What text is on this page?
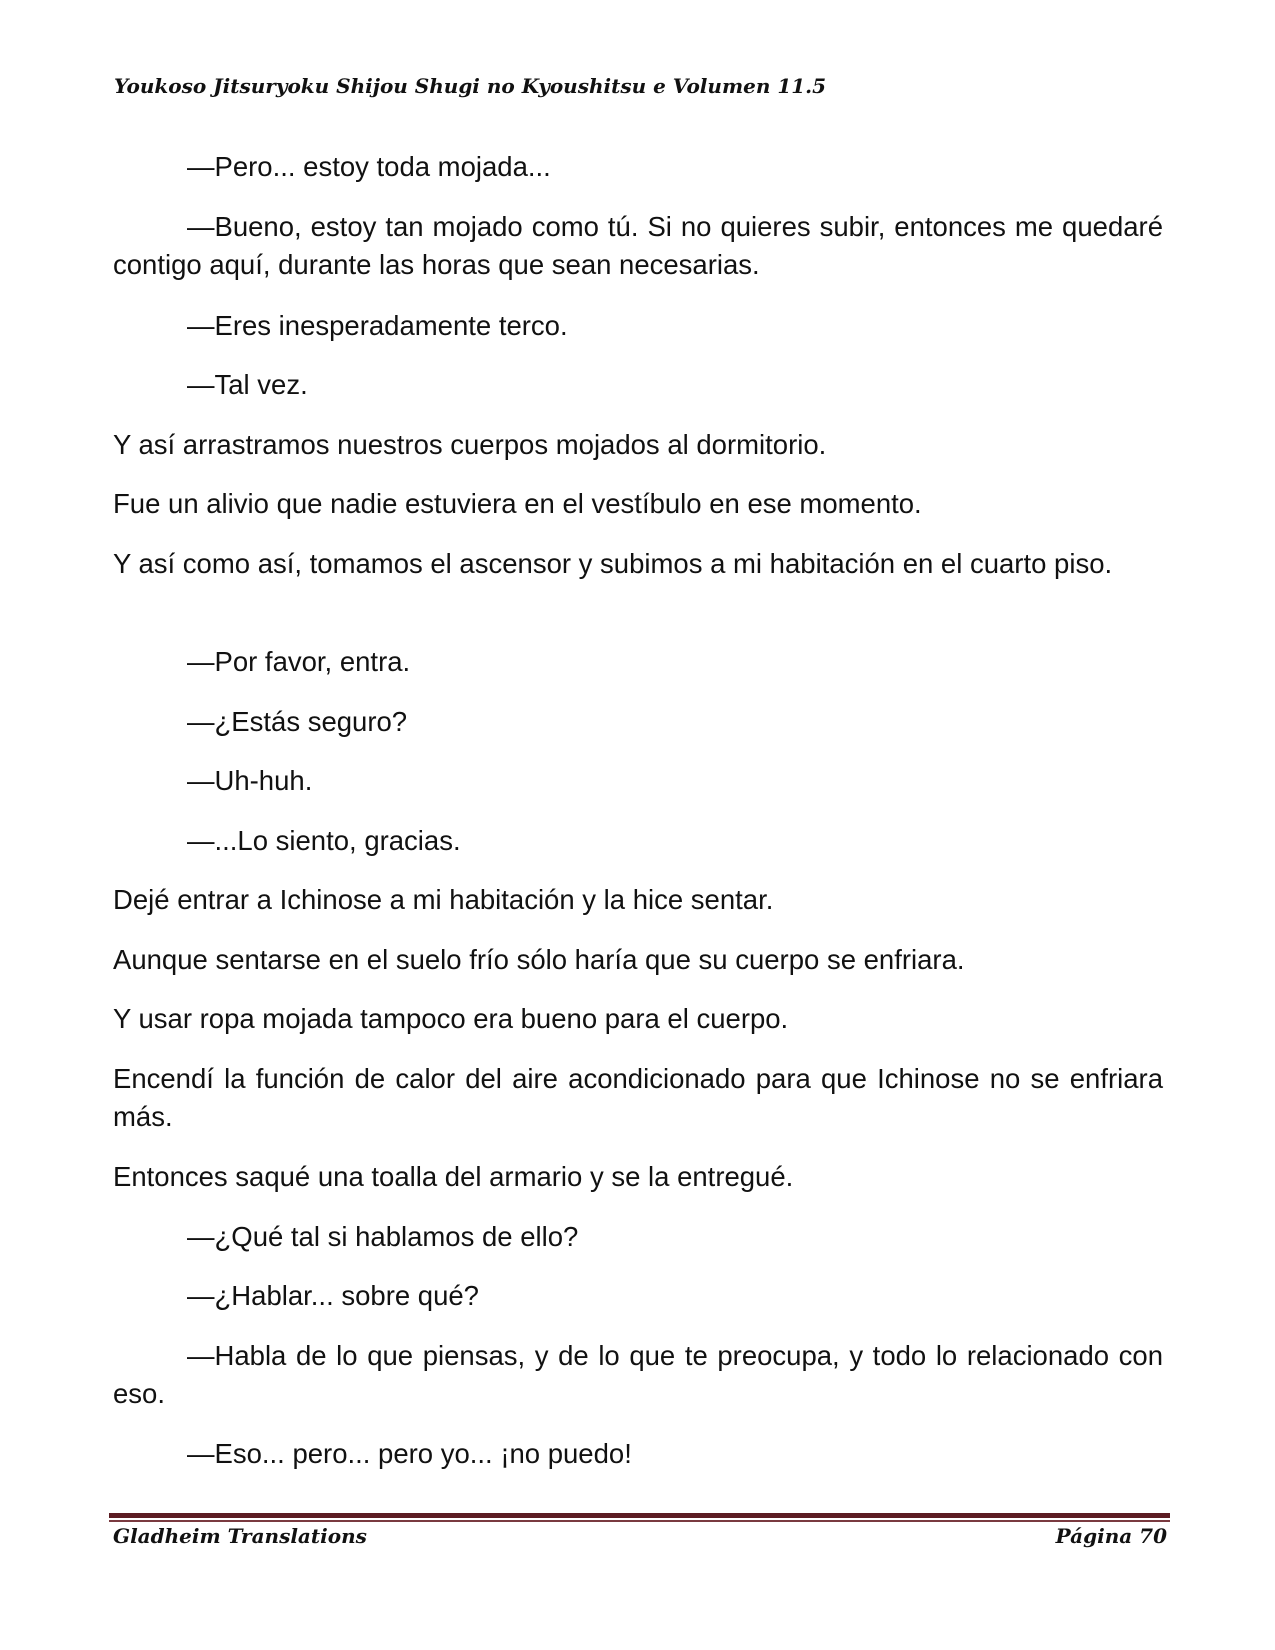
Youkoso Jitsuryoku Shijou Shugi no Kyoushitsu e Volumen 11.5

—Pero... estoy toda mojada...

—Bueno, estoy tan mojado como tú. Si no quieres subir, entonces me quedaré contigo aquí, durante las horas que sean necesarias.

—Eres inesperadamente terco.

—Tal vez.

Y así arrastramos nuestros cuerpos mojados al dormitorio.

Fue un alivio que nadie estuviera en el vestíbulo en ese momento.

Y así como así, tomamos el ascensor y subimos a mi habitación en el cuarto piso.

—Por favor, entra.

—¿Estás seguro?

—Uh-huh.

—...Lo siento, gracias.

Dejé entrar a Ichinose a mi habitación y la hice sentar.

Aunque sentarse en el suelo frío sólo haría que su cuerpo se enfriara.

Y usar ropa mojada tampoco era bueno para el cuerpo.

Encendí la función de calor del aire acondicionado para que Ichinose no se enfriara más.

Entonces saqué una toalla del armario y se la entregué.

—¿Qué tal si hablamos de ello?

—¿Hablar... sobre qué?

—Habla de lo que piensas, y de lo que te preocupa, y todo lo relacionado con eso.

—Eso... pero... pero yo... ¡no puedo!

Gladheim Translations	Página 70
